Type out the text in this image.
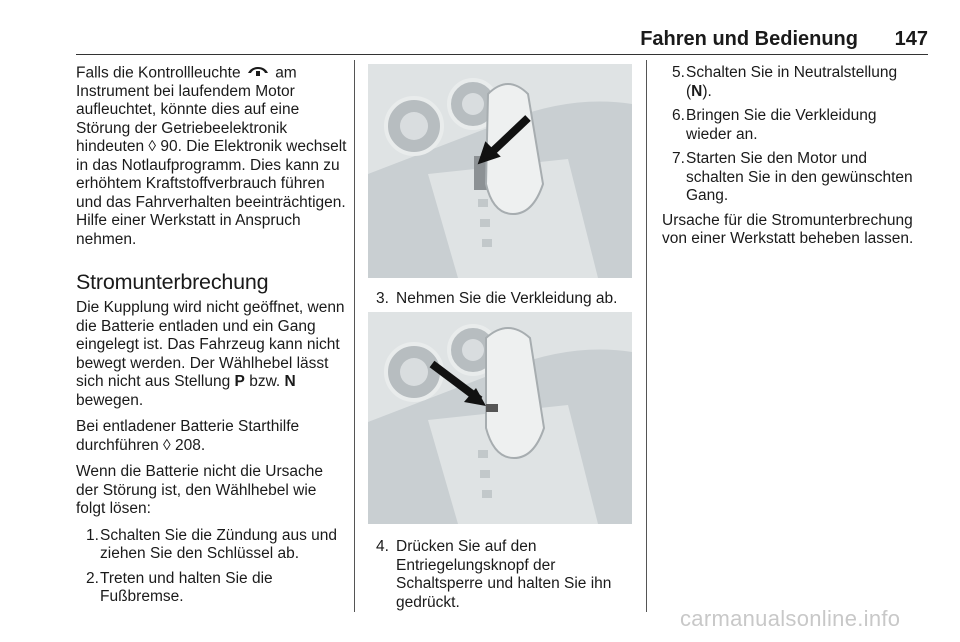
Fahren und Bedienung 147

Falls die Kontrollleuchte am Instrument bei laufendem Motor aufleuchtet, könnte dies auf eine Störung der Getriebeelektronik hindeuten ◊ 90. Die Elektronik wechselt in das Notlaufprogramm. Dies kann zu erhöhtem Kraftstoffverbrauch führen und das Fahrverhalten beeinträchtigen. Hilfe einer Werkstatt in Anspruch nehmen.

Stromunterbrechung

Die Kupplung wird nicht geöffnet, wenn die Batterie entladen und ein Gang eingelegt ist. Das Fahrzeug kann nicht bewegt werden. Der Wählhebel lässt sich nicht aus Stellung P bzw. N bewegen.

Bei entladener Batterie Starthilfe durchführen ◊ 208.

Wenn die Batterie nicht die Ursache der Störung ist, den Wählhebel wie folgt lösen:

1. Schalten Sie die Zündung aus und ziehen Sie den Schlüssel ab.
2. Treten und halten Sie die Fußbremse.
3. Nehmen Sie die Verkleidung ab.
4. Drücken Sie auf den Entriegelungsknopf der Schaltsperre und halten Sie ihn gedrückt.
5. Schalten Sie in Neutralstellung (N).
6. Bringen Sie die Verkleidung wieder an.
7. Starten Sie den Motor und schalten Sie in den gewünschten Gang.

Ursache für die Stromunterbrechung von einer Werkstatt beheben lassen.

carmanualsonline.info
